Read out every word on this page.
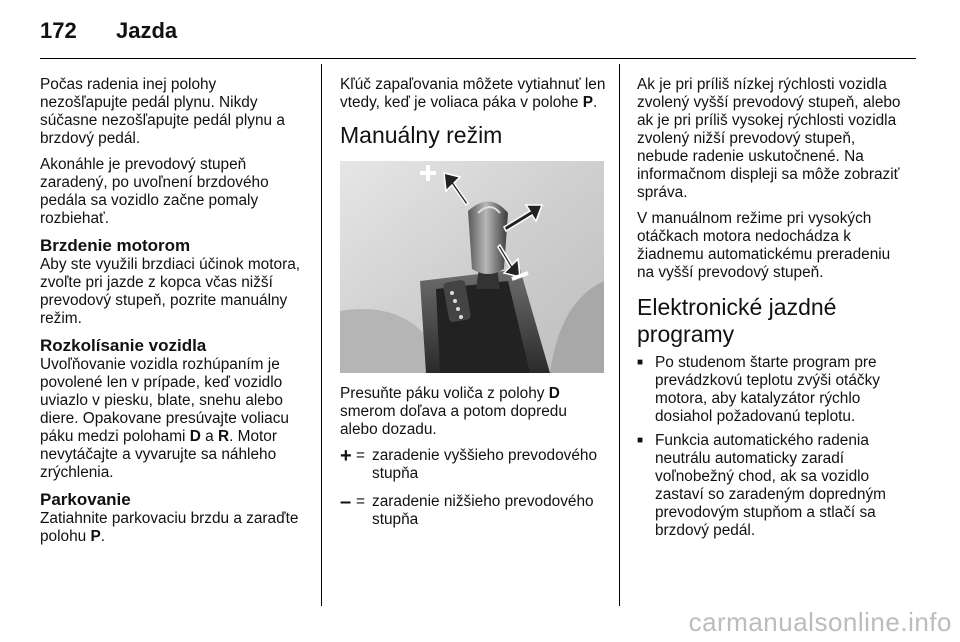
172	Jazda

Počas radenia inej polohy nezošľapujte pedál plynu. Nikdy súčasne nezošľapujte pedál plynu a brzdový pedál.

Akonáhle je prevodový stupeň zaradený, po uvoľnení brzdového pedála sa vozidlo začne pomaly rozbiehať.

Brzdenie motorom

Aby ste využili brzdiaci účinok motora, zvoľte pri jazde z kopca včas nižší prevodový stupeň, pozrite manuálny režim.

Rozkolísanie vozidla

Uvoľňovanie vozidla rozhúpaním je povolené len v prípade, keď vozidlo uviazlo v piesku, blate, snehu alebo diere. Opakovane presúvajte voliacu páku medzi polohami D a R. Motor nevytáčajte a vyvarujte sa náhleho zrýchlenia.

Parkovanie

Zatiahnite parkovaciu brzdu a zaraďte polohu P.

Kľúč zapaľovania môžete vytiahnuť len vtedy, keď je voliaca páka v polohe P.

Manuálny režim

Presuňte páku voliča z polohy D smerom doľava a potom dopredu alebo dozadu.

+ = zaradenie vyššieho prevodového stupňa
– = zaradenie nižšieho prevodového stupňa

Ak je pri príliš nízkej rýchlosti vozidla zvolený vyšší prevodový stupeň, alebo ak je pri príliš vysokej rýchlosti vozidla zvolený nižší prevodový stupeň, nebude radenie uskutočnené. Na informačnom displeji sa môže zobraziť správa.

V manuálnom režime pri vysokých otáčkach motora nedochádza k žiadnemu automatickému preradeniu na vyšší prevodový stupeň.

Elektronické jazdné programy
■ Po studenom štarte program pre prevádzkovú teplotu zvýši otáčky motora, aby katalyzátor rýchlo dosiahol požadovanú teplotu.
■ Funkcia automatického radenia neutrálu automaticky zaradí voľnobežný chod, ak sa vozidlo zastaví so zaradeným dopredným prevodovým stupňom a stlačí sa brzdový pedál.
carmanualsonline.info
